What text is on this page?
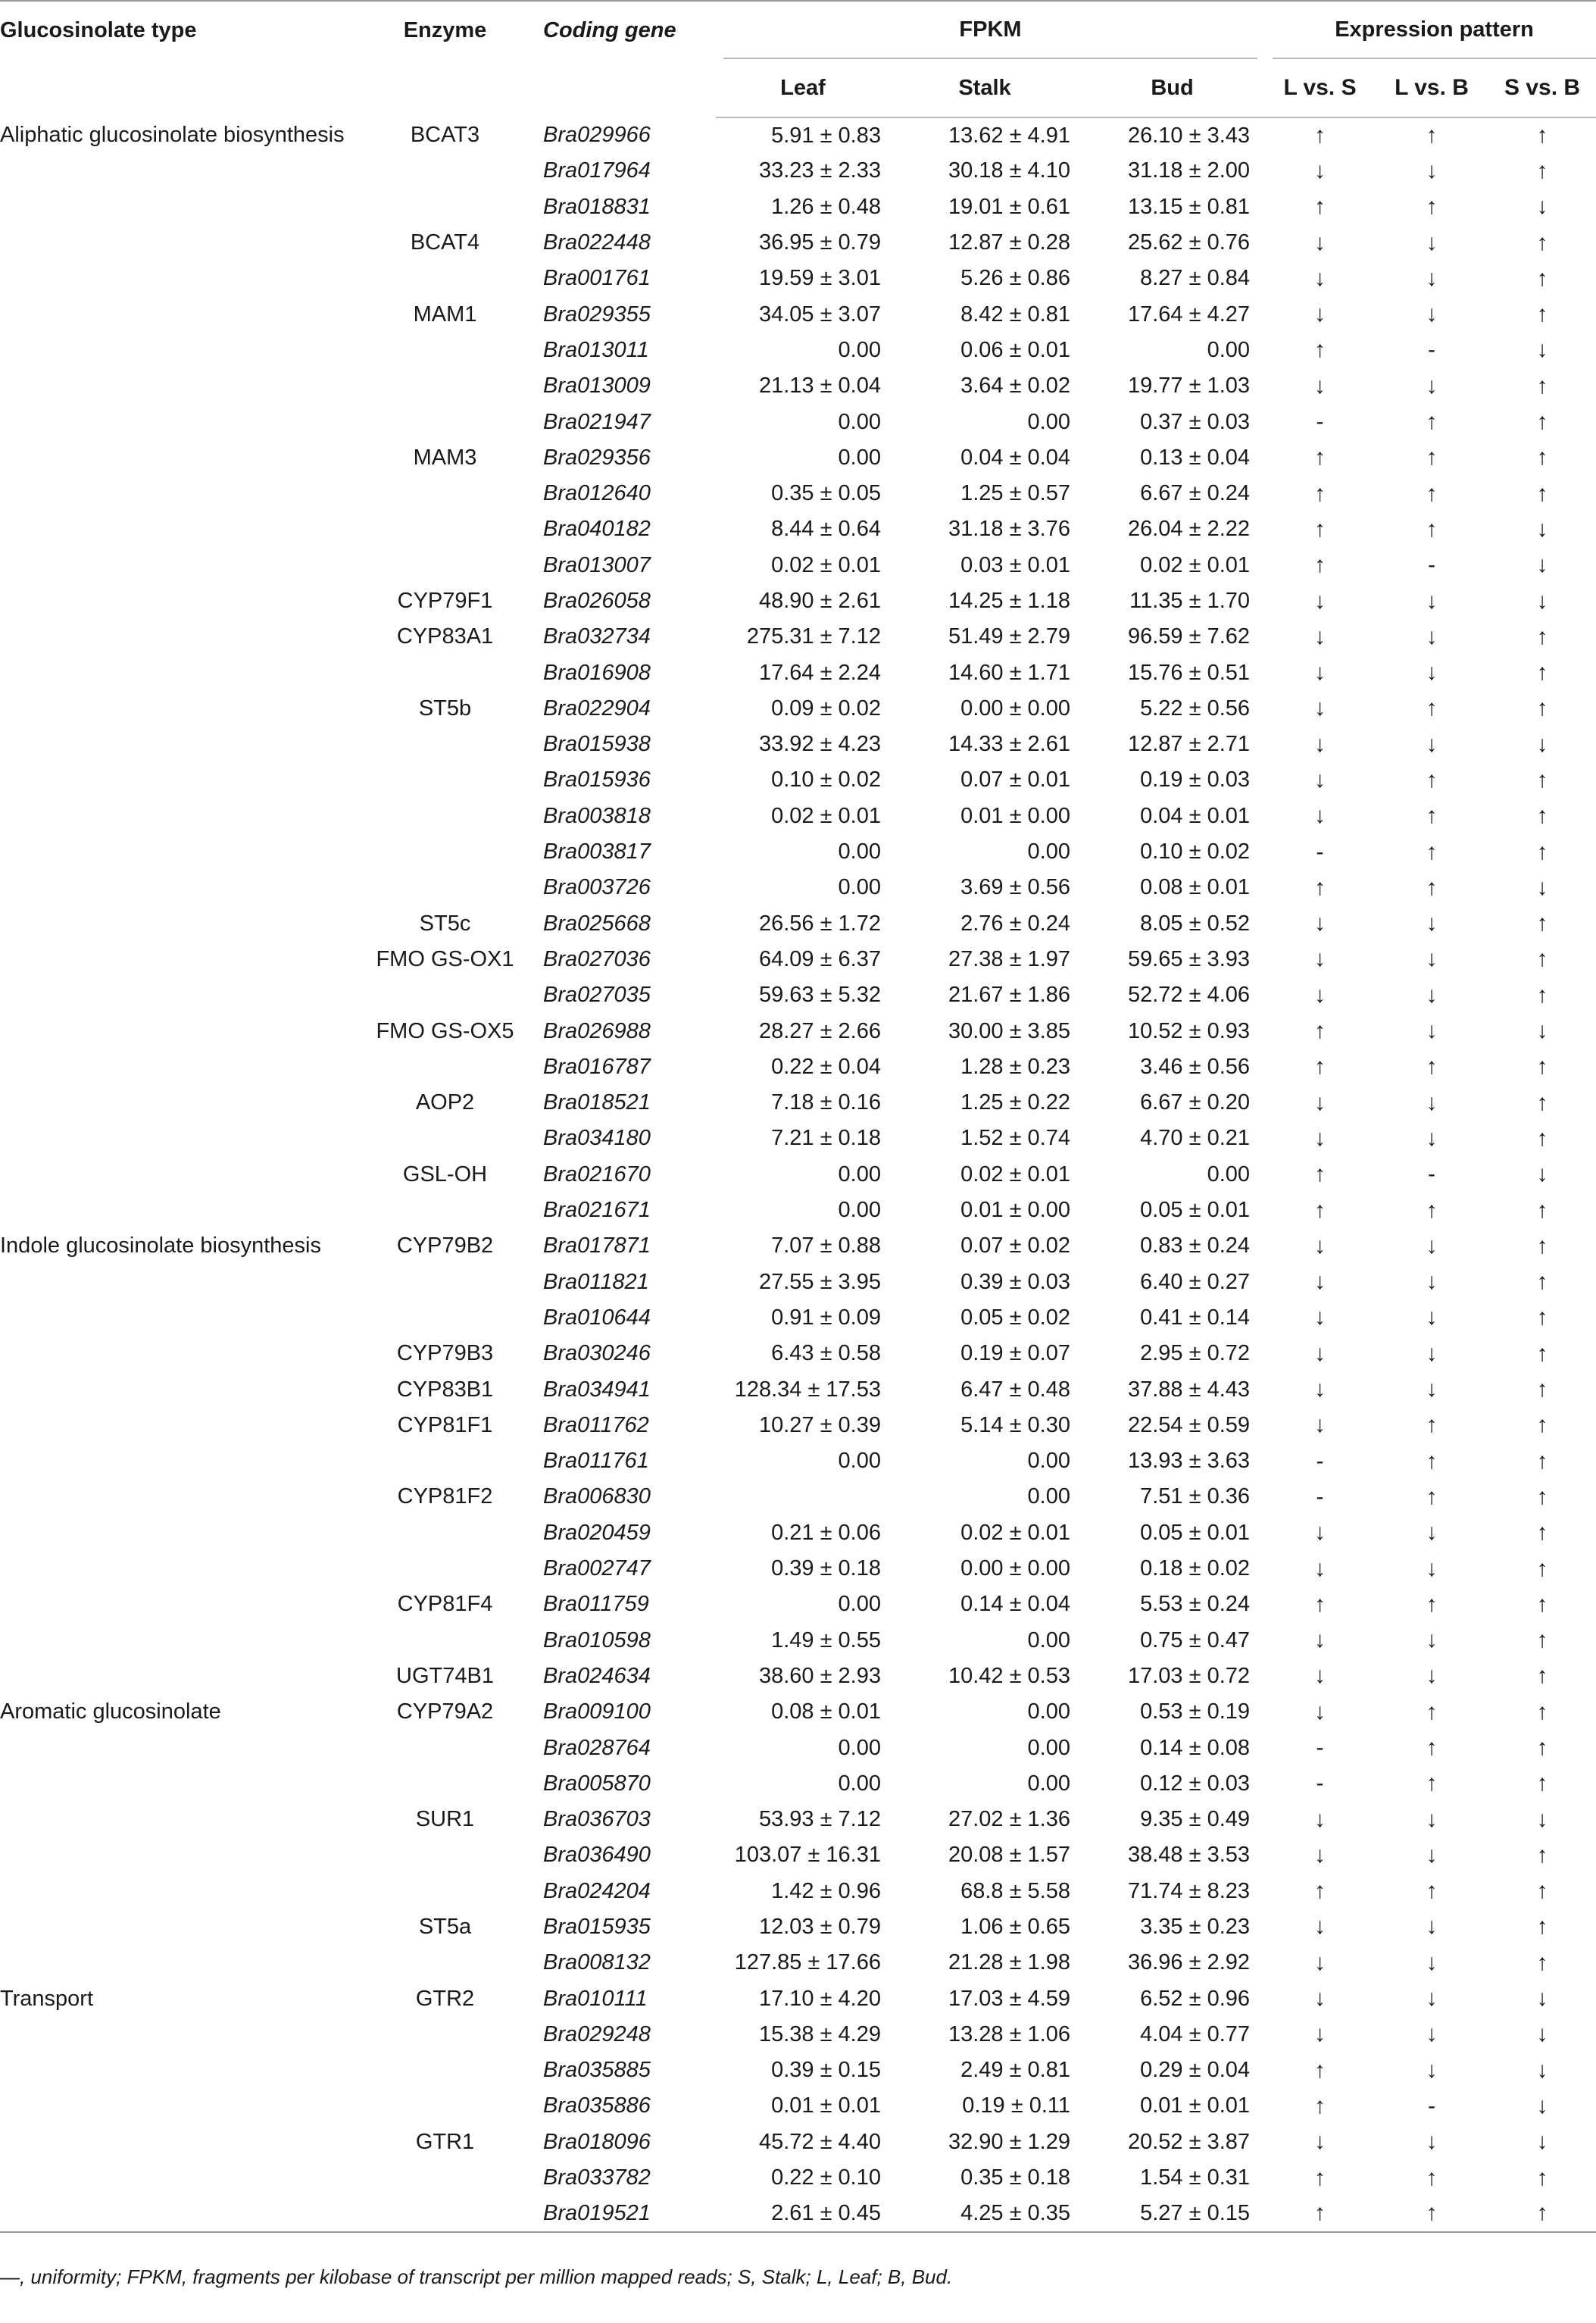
Glucosinolate type	Enzyme	Coding gene	FPKM			Expression pattern		

			Leaf	Stalk	Bud	L vs. S	L vs. B	S vs. B
Aliphatic glucosinolate biosynthesis	BCAT3	Bra029966	5.91 ± 0.83	13.62 ± 4.91	26.10 ± 3.43	↑	↑	↑
		Bra017964	33.23 ± 2.33	30.18 ± 4.10	31.18 ± 2.00	↓	↓	↑
		Bra018831	1.26 ± 0.48	19.01 ± 0.61	13.15 ± 0.81	↑	↑	↓
	BCAT4	Bra022448	36.95 ± 0.79	12.87 ± 0.28	25.62 ± 0.76	↓	↓	↑
		Bra001761	19.59 ± 3.01	5.26 ± 0.86	8.27 ± 0.84	↓	↓	↑
	MAM1	Bra029355	34.05 ± 3.07	8.42 ± 0.81	17.64 ± 4.27	↓	↓	↑
		Bra013011	0.00	0.06 ± 0.01	0.00	↑	-	↓
		Bra013009	21.13 ± 0.04	3.64 ± 0.02	19.77 ± 1.03	↓	↓	↑
		Bra021947	0.00	0.00	0.37 ± 0.03	-	↑	↑
	MAM3	Bra029356	0.00	0.04 ± 0.04	0.13 ± 0.04	↑	↑	↑
		Bra012640	0.35 ± 0.05	1.25 ± 0.57	6.67 ± 0.24	↑	↑	↑
		Bra040182	8.44 ± 0.64	31.18 ± 3.76	26.04 ± 2.22	↑	↑	↓
		Bra013007	0.02 ± 0.01	0.03 ± 0.01	0.02 ± 0.01	↑	-	↓
	CYP79F1	Bra026058	48.90 ± 2.61	14.25 ± 1.18	11.35 ± 1.70	↓	↓	↓
	CYP83A1	Bra032734	275.31 ± 7.12	51.49 ± 2.79	96.59 ± 7.62	↓	↓	↑
		Bra016908	17.64 ± 2.24	14.60 ± 1.71	15.76 ± 0.51	↓	↓	↑
	ST5b	Bra022904	0.09 ± 0.02	0.00 ± 0.00	5.22 ± 0.56	↓	↑	↑
		Bra015938	33.92 ± 4.23	14.33 ± 2.61	12.87 ± 2.71	↓	↓	↓
		Bra015936	0.10 ± 0.02	0.07 ± 0.01	0.19 ± 0.03	↓	↑	↑
		Bra003818	0.02 ± 0.01	0.01 ± 0.00	0.04 ± 0.01	↓	↑	↑
		Bra003817	0.00	0.00	0.10 ± 0.02	-	↑	↑
		Bra003726	0.00	3.69 ± 0.56	0.08 ± 0.01	↑	↑	↓
	ST5c	Bra025668	26.56 ± 1.72	2.76 ± 0.24	8.05 ± 0.52	↓	↓	↑
	FMO GS-OX1	Bra027036	64.09 ± 6.37	27.38 ± 1.97	59.65 ± 3.93	↓	↓	↑
		Bra027035	59.63 ± 5.32	21.67 ± 1.86	52.72 ± 4.06	↓	↓	↑
	FMO GS-OX5	Bra026988	28.27 ± 2.66	30.00 ± 3.85	10.52 ± 0.93	↑	↓	↓
		Bra016787	0.22 ± 0.04	1.28 ± 0.23	3.46 ± 0.56	↑	↑	↑
	AOP2	Bra018521	7.18 ± 0.16	1.25 ± 0.22	6.67 ± 0.20	↓	↓	↑
		Bra034180	7.21 ± 0.18	1.52 ± 0.74	4.70 ± 0.21	↓	↓	↑
	GSL-OH	Bra021670	0.00	0.02 ± 0.01	0.00	↑	-	↓
		Bra021671	0.00	0.01 ± 0.00	0.05 ± 0.01	↑	↑	↑
Indole glucosinolate biosynthesis	CYP79B2	Bra017871	7.07 ± 0.88	0.07 ± 0.02	0.83 ± 0.24	↓	↓	↑
		Bra011821	27.55 ± 3.95	0.39 ± 0.03	6.40 ± 0.27	↓	↓	↑
		Bra010644	0.91 ± 0.09	0.05 ± 0.02	0.41 ± 0.14	↓	↓	↑
	CYP79B3	Bra030246	6.43 ± 0.58	0.19 ± 0.07	2.95 ± 0.72	↓	↓	↑
	CYP83B1	Bra034941	128.34 ± 17.53	6.47 ± 0.48	37.88 ± 4.43	↓	↓	↑
	CYP81F1	Bra011762	10.27 ± 0.39	5.14 ± 0.30	22.54 ± 0.59	↓	↑	↑
		Bra011761	0.00	0.00	13.93 ± 3.63	-	↑	↑
	CYP81F2	Bra006830		0.00	7.51 ± 0.36	-	↑	↑
		Bra020459	0.21 ± 0.06	0.02 ± 0.01	0.05 ± 0.01	↓	↓	↑
		Bra002747	0.39 ± 0.18	0.00 ± 0.00	0.18 ± 0.02	↓	↓	↑
	CYP81F4	Bra011759	0.00	0.14 ± 0.04	5.53 ± 0.24	↑	↑	↑
		Bra010598	1.49 ± 0.55	0.00	0.75 ± 0.47	↓	↓	↑
	UGT74B1	Bra024634	38.60 ± 2.93	10.42 ± 0.53	17.03 ± 0.72	↓	↓	↑
Aromatic glucosinolate	CYP79A2	Bra009100	0.08 ± 0.01	0.00	0.53 ± 0.19	↓	↑	↑
		Bra028764	0.00	0.00	0.14 ± 0.08	-	↑	↑
		Bra005870	0.00	0.00	0.12 ± 0.03	-	↑	↑
	SUR1	Bra036703	53.93 ± 7.12	27.02 ± 1.36	9.35 ± 0.49	↓	↓	↓
		Bra036490	103.07 ± 16.31	20.08 ± 1.57	38.48 ± 3.53	↓	↓	↑
		Bra024204	1.42 ± 0.96	68.8 ± 5.58	71.74 ± 8.23	↑	↑	↑
	ST5a	Bra015935	12.03 ± 0.79	1.06 ± 0.65	3.35 ± 0.23	↓	↓	↑
		Bra008132	127.85 ± 17.66	21.28 ± 1.98	36.96 ± 2.92	↓	↓	↑
Transport	GTR2	Bra010111	17.10 ± 4.20	17.03 ± 4.59	6.52 ± 0.96	↓	↓	↓
		Bra029248	15.38 ± 4.29	13.28 ± 1.06	4.04 ± 0.77	↓	↓	↓
		Bra035885	0.39 ± 0.15	2.49 ± 0.81	0.29 ± 0.04	↑	↓	↓
		Bra035886	0.01 ± 0.01	0.19 ± 0.11	0.01 ± 0.01	↑	-	↓
	GTR1	Bra018096	45.72 ± 4.40	32.90 ± 1.29	20.52 ± 3.87	↓	↓	↓
		Bra033782	0.22 ± 0.10	0.35 ± 0.18	1.54 ± 0.31	↑	↑	↑
		Bra019521	2.61 ± 0.45	4.25 ± 0.35	5.27 ± 0.15	↑	↑	↑
—, uniformity; FPKM, fragments per kilobase of transcript per million mapped reads; S, Stalk; L, Leaf; B, Bud.
